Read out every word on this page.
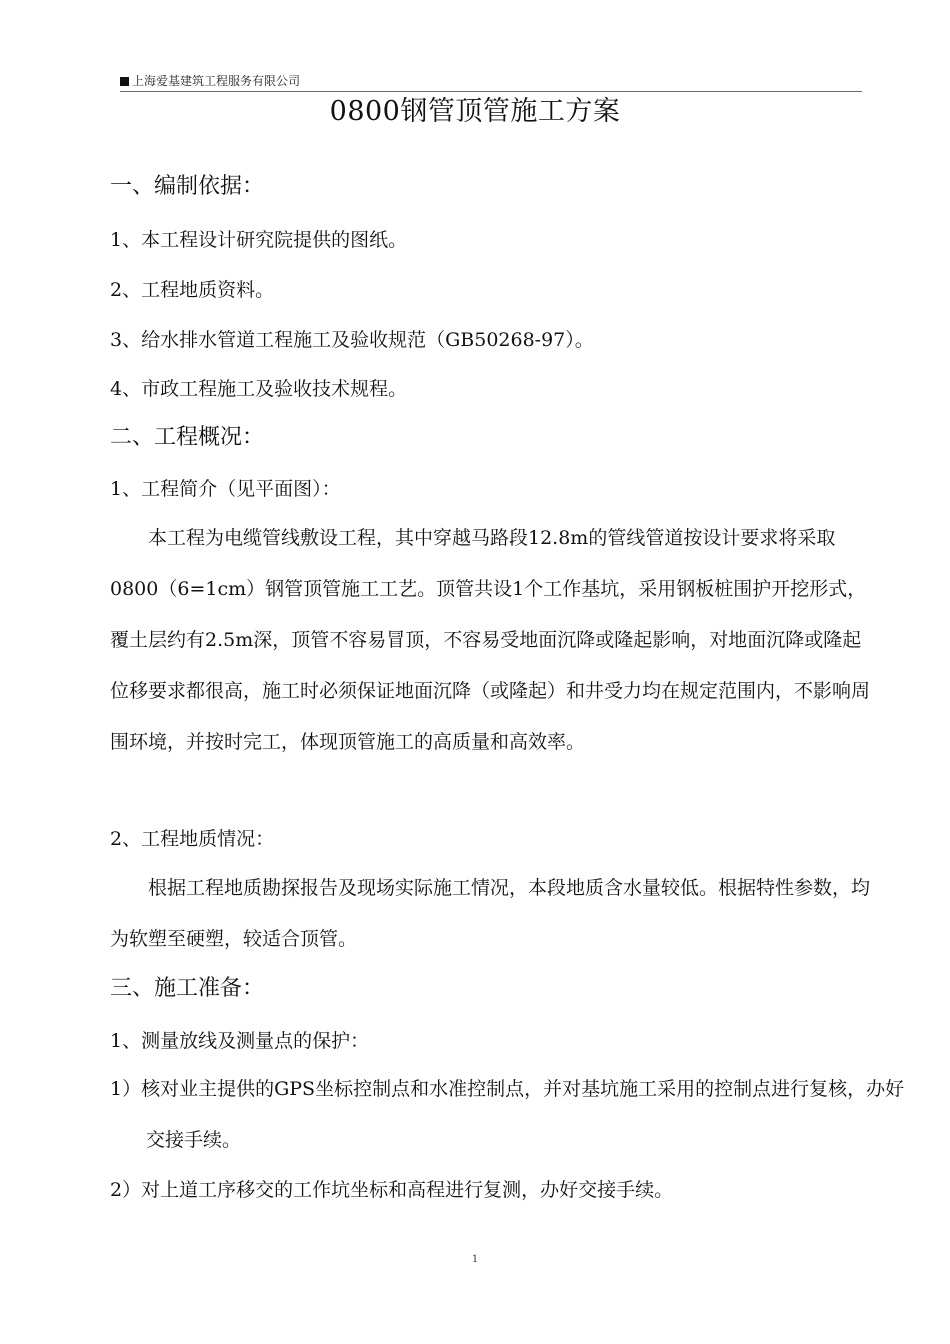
上海爱基建筑工程服务有限公司
0800钢管顶管施工方案
一、编制依据：
1、本工程设计研究院提供的图纸。
2、工程地质资料。
3、给水排水管道工程施工及验收规范（GB50268-97）。
4、市政工程施工及验收技术规程。
二、工程概况：
1、工程简介（见平面图）：

本工程为电缆管线敷设工程，其中穿越马路段12.8m的管线管道按设计要求将采取0800（6=1cm）钢管顶管施工工艺。顶管共设1个工作基坑，采用钢板桩围护开挖形式，覆土层约有2.5m深，顶管不容易冒顶，不容易受地面沉降或隆起影响，对地面沉降或隆起位移要求都很高，施工时必须保证地面沉降（或隆起）和井受力均在规定范围内，不影响周围环境，并按时完工，体现顶管施工的高质量和高效率。

2、工程地质情况：

根据工程地质勘探报告及现场实际施工情况，本段地质含水量较低。根据特性参数，均为软塑至硬塑，较适合顶管。

三、施工准备：
1、测量放线及测量点的保护：
1）核对业主提供的GPS坐标控制点和水准控制点，并对基坑施工采用的控制点进行复核，办好交接手续。
2）对上道工序移交的工作坑坐标和高程进行复测，办好交接手续。
1
